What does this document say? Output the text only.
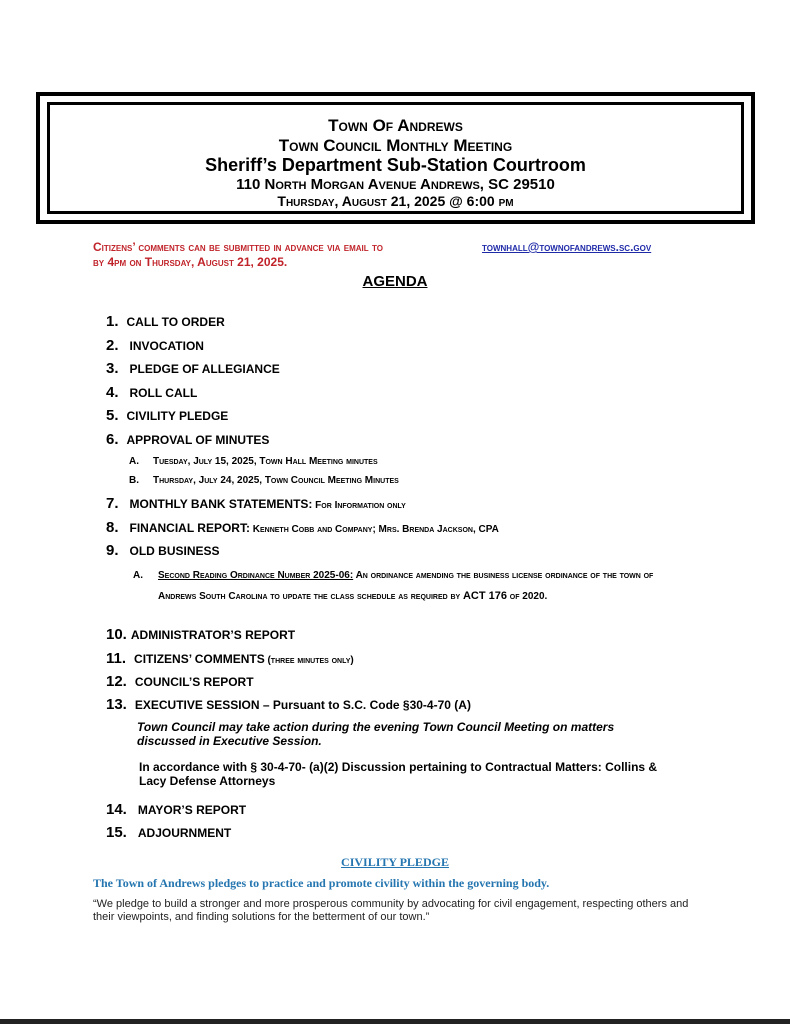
Town Of Andrews
Town Council Monthly Meeting
Sheriff’s Department Sub-Station Courtroom
110 North Morgan Avenue Andrews, SC 29510
Thursday, August 21, 2025 @ 6:00 pm
Citizens’ comments can be submitted in advance via email to	townhall@townofandrews.sc.gov
by 4pm on Thursday, August 21, 2025.
AGENDA
1. CALL TO ORDER
2. INVOCATION
3. PLEDGE OF ALLEGIANCE
4. ROLL CALL
5. CIVILITY PLEDGE
6. APPROVAL OF MINUTES
A. Tuesday, July 15, 2025, Town Hall Meeting minutes
B. Thursday, July 24, 2025, Town Council Meeting Minutes
7. MONTHLY BANK STATEMENTS: For Information only
8. FINANCIAL REPORT: Kenneth Cobb and Company; Mrs. Brenda Jackson, CPA
9. OLD BUSINESS
A. Second Reading Ordinance Number 2025-06: An ordinance amending the business license ordinance of the town of Andrews South Carolina to update the class schedule as required by ACT 176 of 2020.
10. ADMINISTRATOR’S REPORT
11. CITIZENS’ COMMENTS (three minutes only)
12. COUNCIL’S REPORT
13. EXECUTIVE SESSION – Pursuant to S.C. Code §30-4-70 (A)
Town Council may take action during the evening Town Council Meeting on matters discussed in Executive Session.
In accordance with § 30-4-70- (a)(2) Discussion pertaining to Contractual Matters: Collins & Lacy Defense Attorneys
14. MAYOR’S REPORT
15. ADJOURNMENT
CIVILITY PLEDGE
The Town of Andrews pledges to practice and promote civility within the governing body.
“We pledge to build a stronger and more prosperous community by advocating for civil engagement, respecting others and their viewpoints, and finding solutions for the betterment of our town.”
